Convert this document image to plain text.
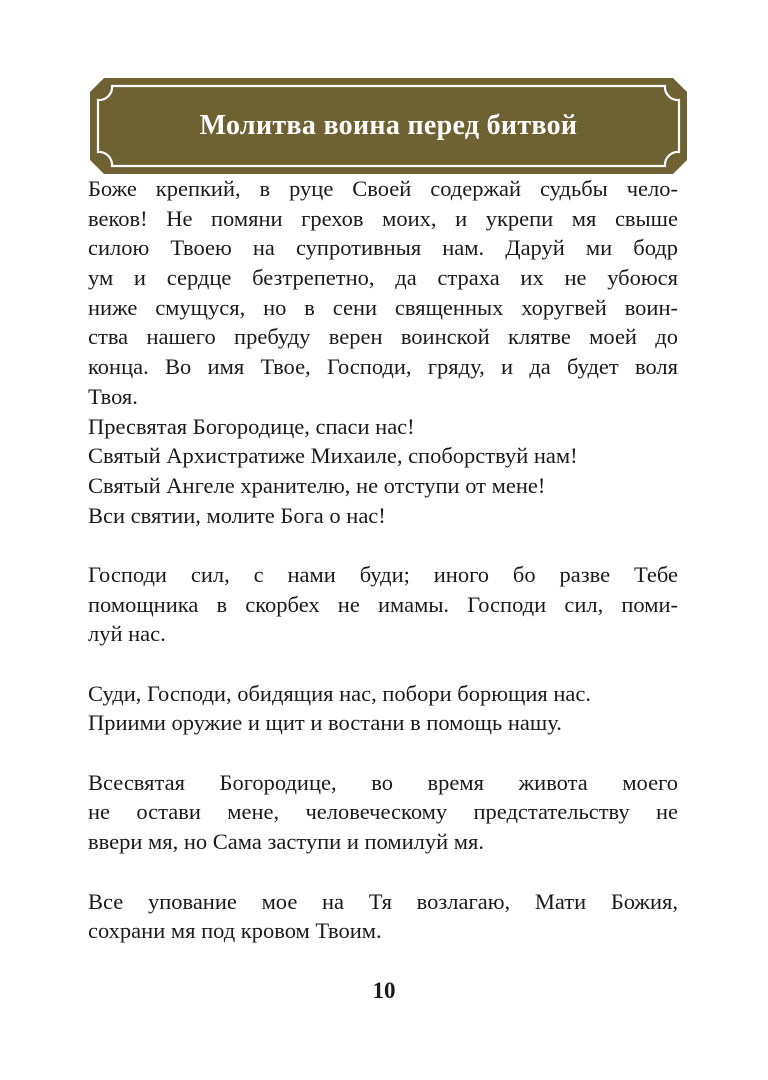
Молитва воина перед битвой
Боже крепкий, в руце Своей содержай судьбы чело-
веков! Не помяни грехов моих, и укрепи мя свыше
силою Твоею на супротивныя нам. Даруй ми бодр
ум и сердце безтрепетно, да страха их не убоюся
ниже смущуся, но в сени священных хоругвей воин-
ства нашего пребуду верен воинской клятве моей до
конца. Во имя Твое, Господи, гряду, и да будет воля
Твоя.
Пресвятая Богородице, спаси нас!
Святый Архистратиже Михаиле, споборствуй нам!
Святый Ангеле хранителю, не отступи от мене!
Вси святии, молите Бога о нас!
Господи сил, с нами буди; иного бо разве Тебе
помощника в скорбех не имамы. Господи сил, поми-
луй нас.
Суди, Господи, обидящия нас, побори борющия нас.
Приими оружие и щит и востани в помощь нашу.
Всесвятая Богородице, во время живота моего
не остави мене, человеческому предстательству не
ввери мя, но Сама заступи и помилуй мя.
Все упование мое на Тя возлагаю, Мати Божия,
сохрани мя под кровом Твоим.
10
